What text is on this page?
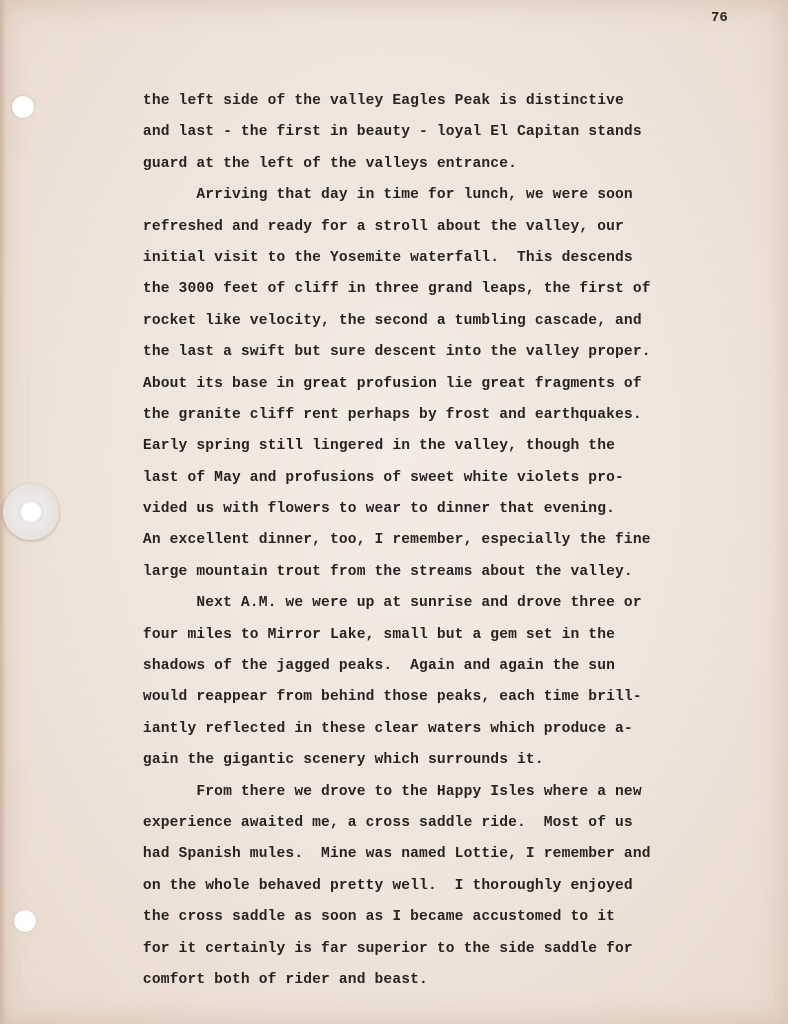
76
the left side of the valley Eagles Peak is distinctive
and last - the first in beauty - loyal El Capitan stands
guard at the left of the valleys entrance.
Arriving that day in time for lunch, we were soon
refreshed and ready for a stroll about the valley, our
initial visit to the Yosemite waterfall.  This descends
the 3000 feet of cliff in three grand leaps, the first of
rocket like velocity, the second a tumbling cascade, and
the last a swift but sure descent into the valley proper.
About its base in great profusion lie great fragments of
the granite cliff rent perhaps by frost and earthquakes.
Early spring still lingered in the valley, though the
last of May and profusions of sweet white violets pro-
vided us with flowers to wear to dinner that evening.
An excellent dinner, too, I remember, especially the fine
large mountain trout from the streams about the valley.
Next A.M. we were up at sunrise and drove three or
four miles to Mirror Lake, small but a gem set in the
shadows of the jagged peaks.  Again and again the sun
would reappear from behind those peaks, each time brill-
iantly reflected in these clear waters which produce a-
gain the gigantic scenery which surrounds it.
From there we drove to the Happy Isles where a new
experience awaited me, a cross saddle ride.  Most of us
had Spanish mules.  Mine was named Lottie, I remember and
on the whole behaved pretty well.  I thoroughly enjoyed
the cross saddle as soon as I became accustomed to it
for it certainly is far superior to the side saddle for
comfort both of rider and beast.
